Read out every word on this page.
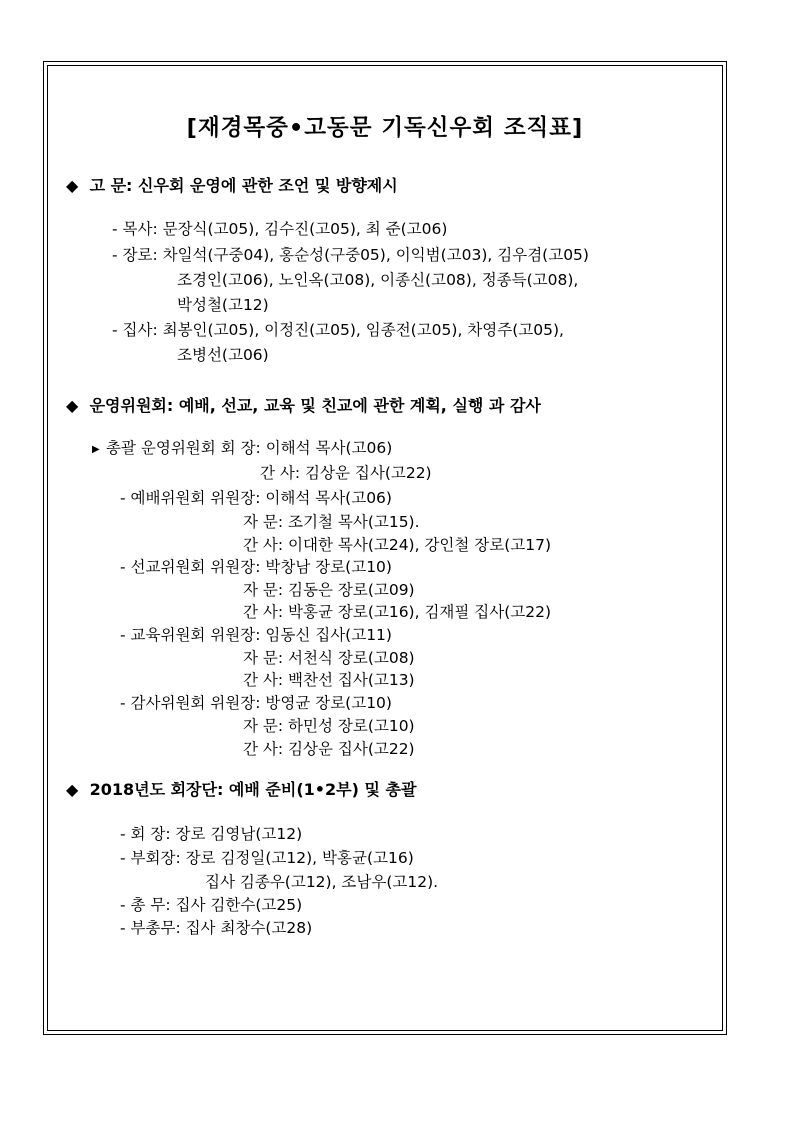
[재경목중•고동문 기독신우회 조직표]
◆ 고 문: 신우회 운영에 관한 조언 및 방향제시
- 목사: 문장식(고05), 김수진(고05), 최 준(고06)
- 장로: 차일석(구중04), 홍순성(구중05), 이익범(고03), 김우겸(고05)
조경인(고06), 노인옥(고08), 이종신(고08), 정종득(고08),
박성철(고12)
- 집사: 최봉인(고05), 이정진(고05), 임종전(고05), 차영주(고05),
조병선(고06)
◆ 운영위원회: 예배, 선교, 교육 및 친교에 관한 계획, 실행 과 감사
▶ 총괄 운영위원회 회 장: 이해석 목사(고06)
간 사: 김상운 집사(고22)
- 예배위원회 위원장: 이해석 목사(고06)
자 문: 조기철 목사(고15).
간 사: 이대한 목사(고24), 강인철 장로(고17)
- 선교위원회 위원장: 박창남 장로(고10)
자 문: 김동은 장로(고09)
간 사: 박홍균 장로(고16), 김재필 집사(고22)
- 교육위원회 위원장: 임동신 집사(고11)
자 문: 서천식 장로(고08)
간 사: 백찬선 집사(고13)
- 감사위원회 위원장: 방영균 장로(고10)
자 문: 하민성 장로(고10)
간 사: 김상운 집사(고22)
◆ 2018년도 회장단: 예배 준비(1•2부) 및 총괄
- 회 장: 장로 김영남(고12)
- 부회장: 장로 김정일(고12), 박홍균(고16)
집사 김종우(고12), 조남우(고12).
- 총 무: 집사 김한수(고25)
- 부총무: 집사 최창수(고28)
